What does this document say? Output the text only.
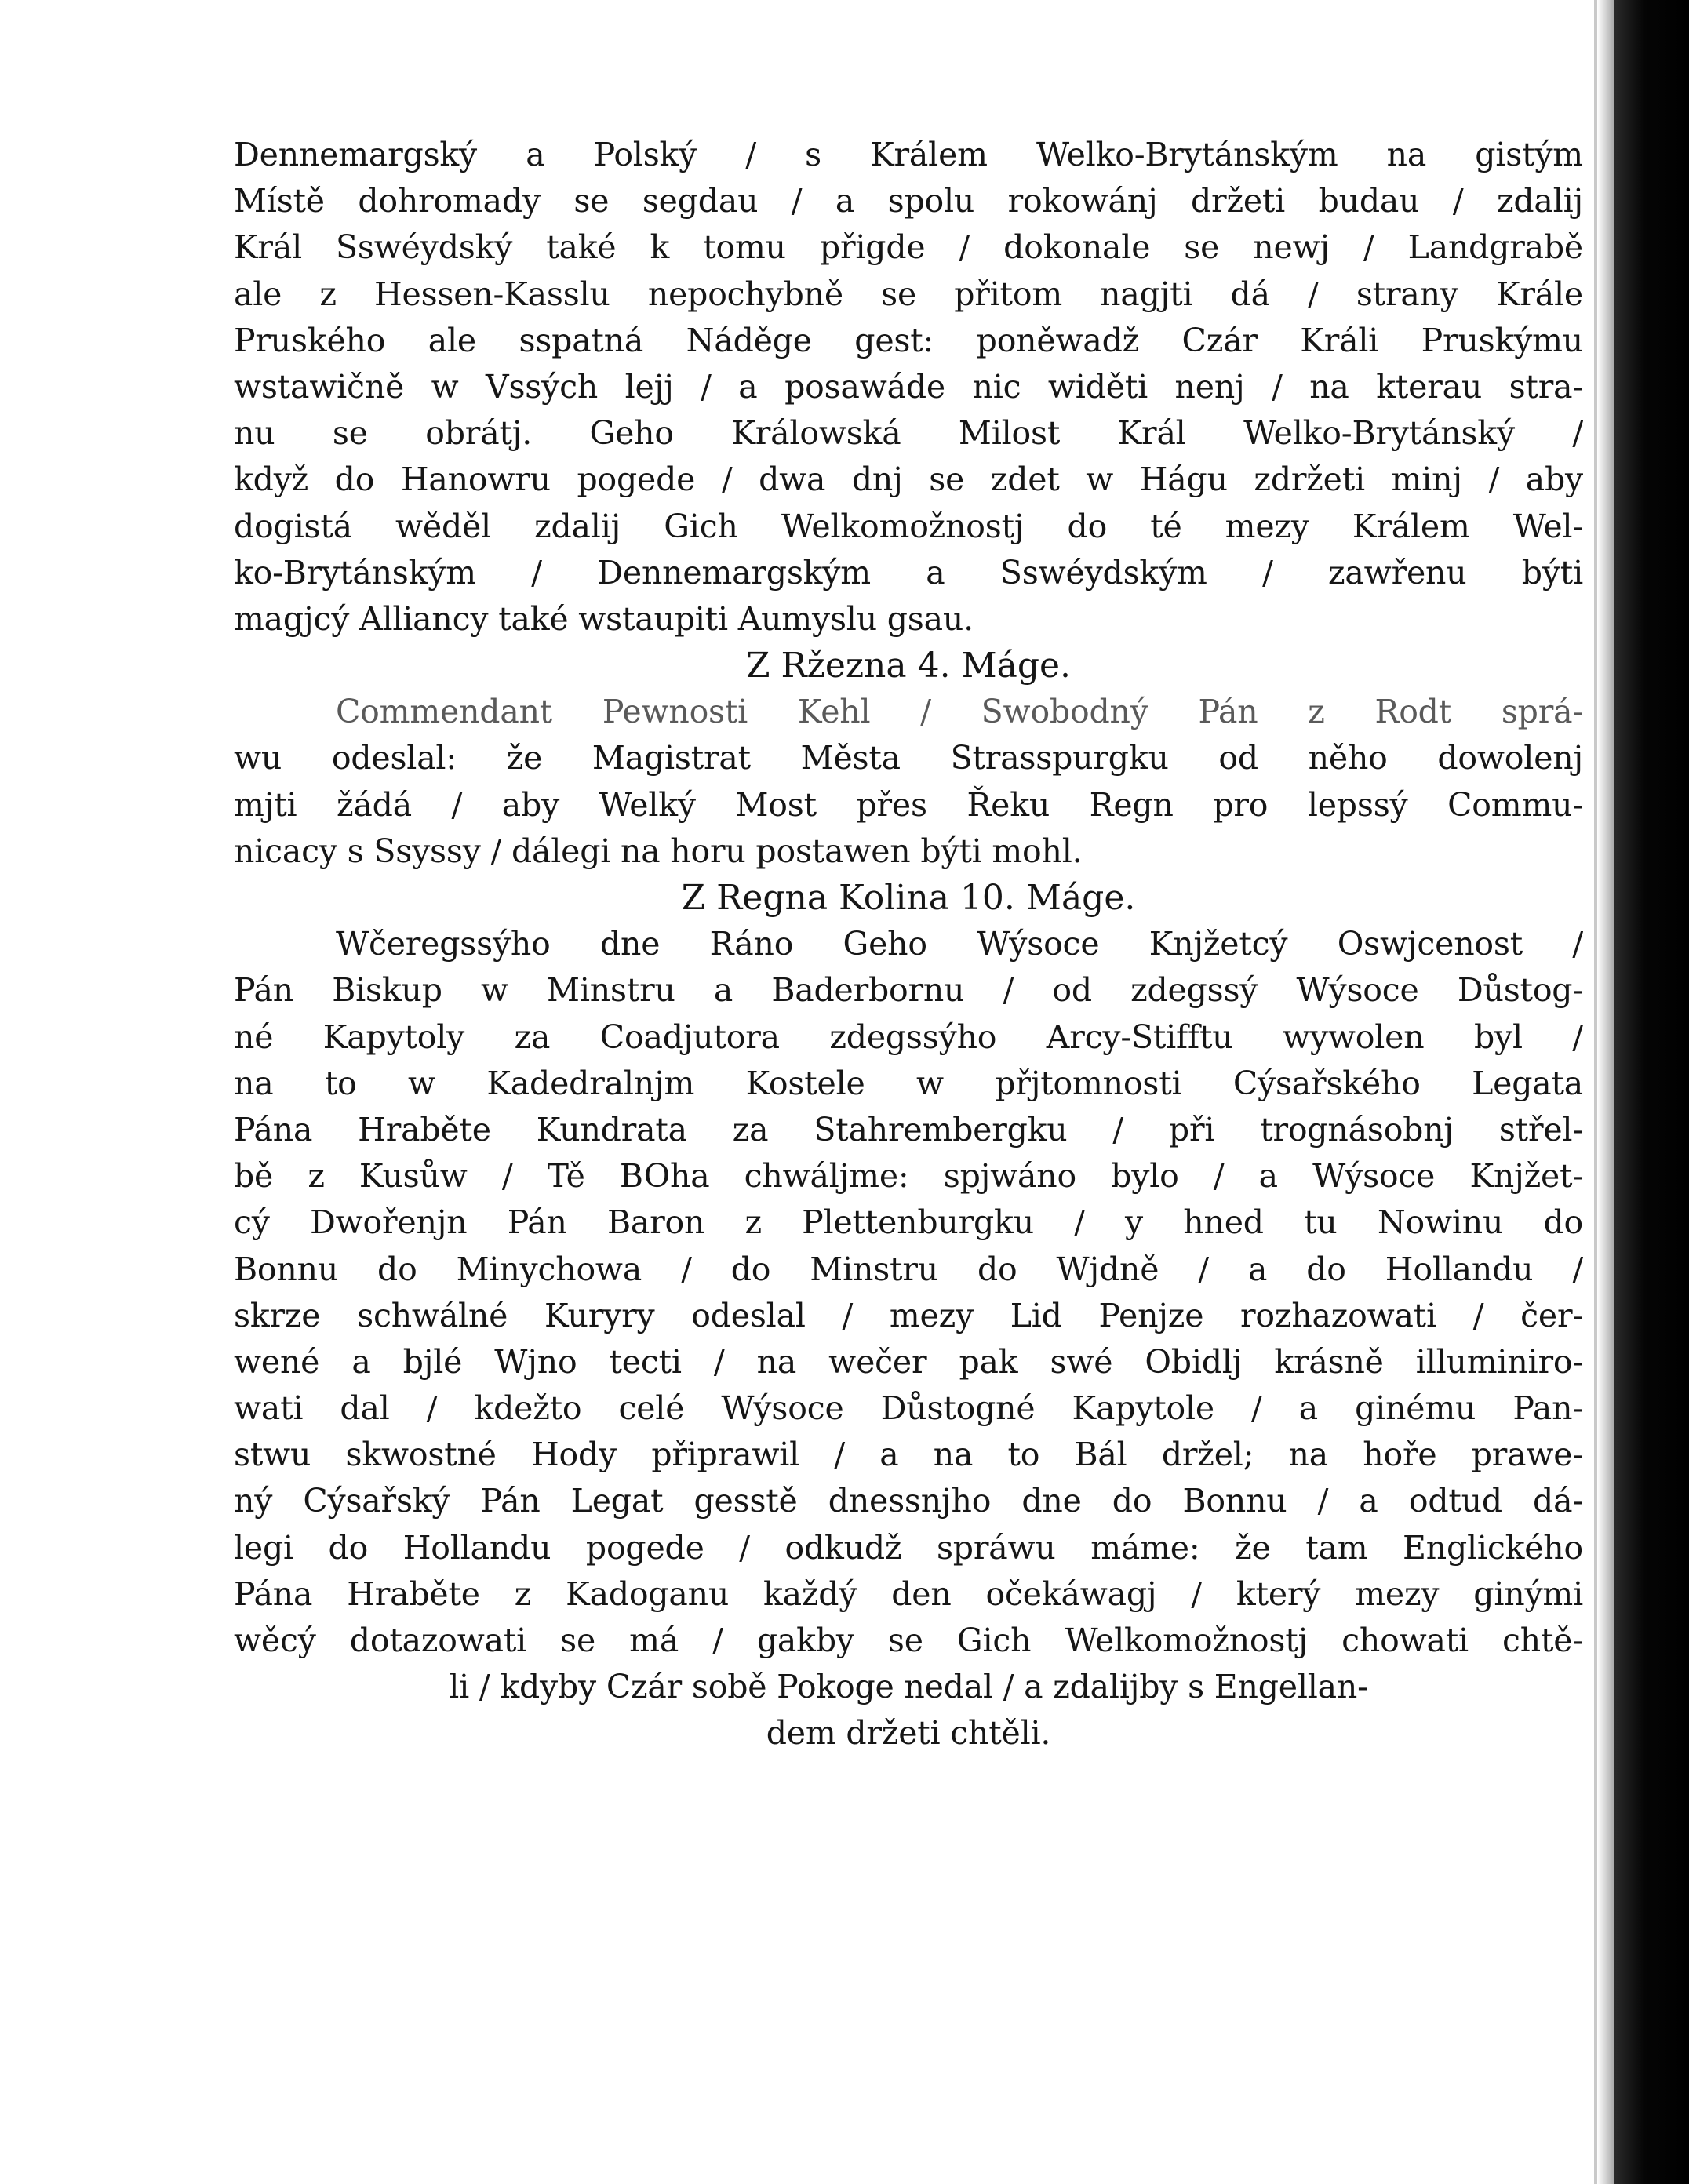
Dennemargský a Polský / s Králem Welko-Brytánským na gistým
Místě dohromady se segdau / a spolu rokowánj držeti budau / zdalij
Král Sswéydský také k tomu přigde / dokonale se newj / Landgrabě
ale z Hessen-Kasslu nepochybně se přitom nagjti dá / strany Krále
Pruského ale sspatná Náděge gest: poněwadž Czár Králi Pruskýmu
wstawičně w Vssých lejj / a posawáde nic widěti nenj / na kterau stra-
nu se obrátj. Geho Králowská Milost Král Welko-Brytánský /
když do Hanowru pogede / dwa dnj se zdet w Hágu zdržeti minj / aby
dogistá wěděl zdalij Gich Welkomožnostj do té mezy Králem Wel-
ko-Brytánským / Dennemargským a Sswéydským / zawřenu býti
magjcý Alliancy také wstaupiti Aumyslu gsau.
Z Ržezna 4. Máge.
Commendant Pewnosti Kehl / Swobodný Pán z Rodt sprá-
wu odeslal: že Magistrat Města Strasspurgku od něho dowolenj
mjti žádá / aby Welký Most přes Řeku Regn pro lepssý Commu-
nicacy s Ssyssy / dálegi na horu postawen býti mohl.
Z Regna Kolina 10. Máge.
Wčeregssýho dne Ráno Geho Wýsoce Knjžetcý Oswjcenost /
Pán Biskup w Minstru a Baderbornu / od zdegssý Wýsoce Důstog-
né Kapytoly za Coadjutora zdegssýho Arcy-Stifftu wywolen byl /
na to w Kadedralnjm Kostele w přjtomnosti Cýsařského Legata
Pána Hraběte Kundrata za Stahrembergku / při trognásobnj střel-
bě z Kusůw / Tě BOha chwáljme: spjwáno bylo / a Wýsoce Knjžet-
cý Dwořenjn Pán Baron z Plettenburgku / y hned tu Nowinu do
Bonnu do Minychowa / do Minstru do Wjdně / a do Hollandu /
skrze schwálné Kuryry odeslal / mezy Lid Penjze rozhazowati / čer-
wené a bjlé Wjno tecti / na wečer pak swé Obidlj krásně illuminiro-
wati dal / kdežto celé Wýsoce Důstogné Kapytole / a ginému Pan-
stwu skwostné Hody připrawil / a na to Bál držel; na hoře prawe-
ný Cýsařský Pán Legat gesstě dnessnjho dne do Bonnu / a odtud dá-
legi do Hollandu pogede / odkudž spráwu máme: že tam Englického
Pána Hraběte z Kadoganu každý den očekáwagj / který mezy ginými
wěcý dotazowati se má / gakby se Gich Welkomožnostj chowati chtě-
li / kdyby Czár sobě Pokoge nedal / a zdalijby s Engellan-
dem držeti chtěli.
